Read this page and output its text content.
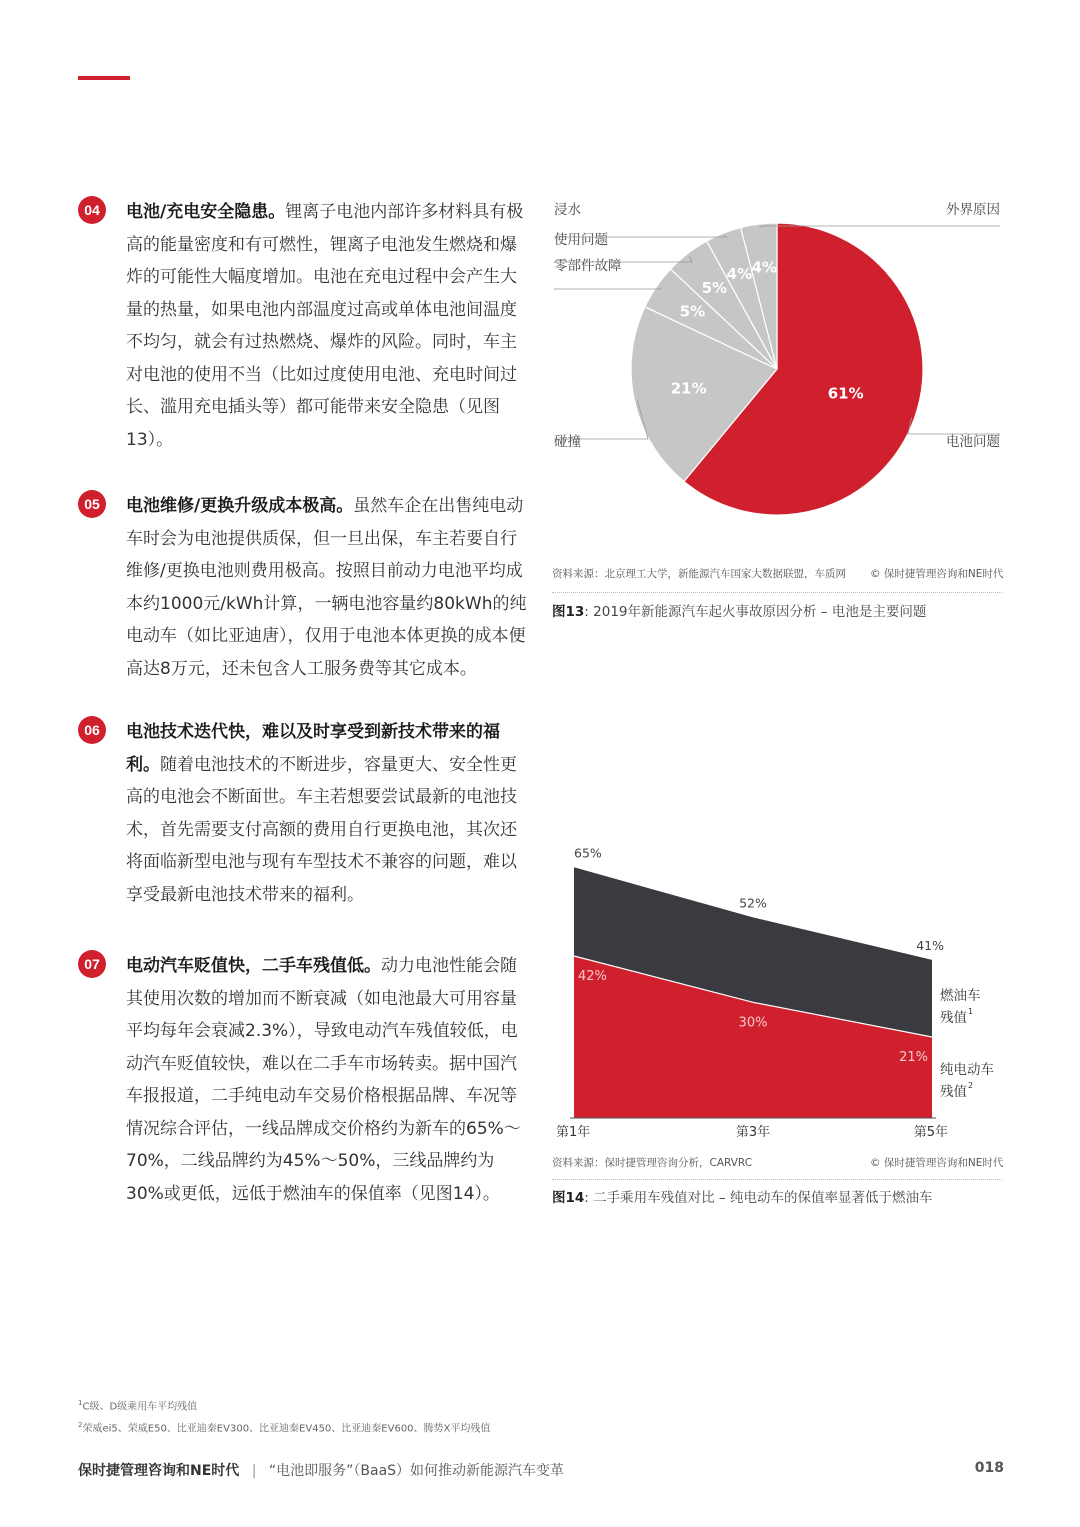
04	电池/充电安全隐患。锂离子电池内部许多材料具有极高的能量密度和有可燃性，锂离子电池发生燃烧和爆炸的可能性大幅度增加。电池在充电过程中会产生大量的热量，如果电池内部温度过高或单体电池间温度不均匀，就会有过热燃烧、爆炸的风险。同时，车主对电池的使用不当（比如过度使用电池、充电时间过长、滥用充电插头等）都可能带来安全隐患（见图13）。
05	电池维修/更换升级成本极高。虽然车企在出售纯电动车时会为电池提供质保，但一旦出保，车主若要自行维修/更换电池则费用极高。按照目前动力电池平均成本约1000元/kWh计算，一辆电池容量约80kWh的纯电动车（如比亚迪唐），仅用于电池本体更换的成本便高达8万元，还未包含人工服务费等其它成本。
06	电池技术迭代快，难以及时享受到新技术带来的福利。随着电池技术的不断进步，容量更大、安全性更高的电池会不断面世。车主若想要尝试最新的电池技术，首先需要支付高额的费用自行更换电池，其次还将面临新型电池与现有车型技术不兼容的问题，难以享受最新电池技术带来的福利。
07	电动汽车贬值快，二手车残值低。动力电池性能会随其使用次数的增加而不断衰减（如电池最大可用容量平均每年会衰减2.3%），导致电动汽车残值较低，电动汽车贬值较快，难以在二手车市场转卖。据中国汽车报报道，二手纯电动车交易价格根据品牌、车况等情况综合评估，一线品牌成交价格约为新车的65%～70%，二线品牌约为45%～50%，三线品牌约为30%或更低，远低于燃油车的保值率（见图14）。
61%
电池问题
21%
碰撞
5%
零部件故障
5%
使用问题
4%
浸水
4%
外界原因
资料来源：北京理工大学，新能源汽车国家大数据联盟，车质网 © 保时捷管理咨询和NE时代
图13: 2019年新能源汽车起火事故原因分析 – 电池是主要问题
65%
52%
41%
42%
30%
21%
第1年	第3年	第5年
燃油车
残值 1
纯电动车
残值 2
资料来源：保时捷管理咨询分析，CARVRC	© 保时捷管理咨询和NE时代
图14: 二手乘用车残值对比 – 纯电动车的保值率显著低于燃油车
$^1$C级、D级乘用车平均残值
$^2$荣威ei5、荣威E50、比亚迪秦EV300、比亚迪秦EV450、比亚迪秦EV600、腾势X平均残值
保时捷管理咨询和NE时代 | “电池即服务”（BaaS）如何推动新能源汽车变革	018
